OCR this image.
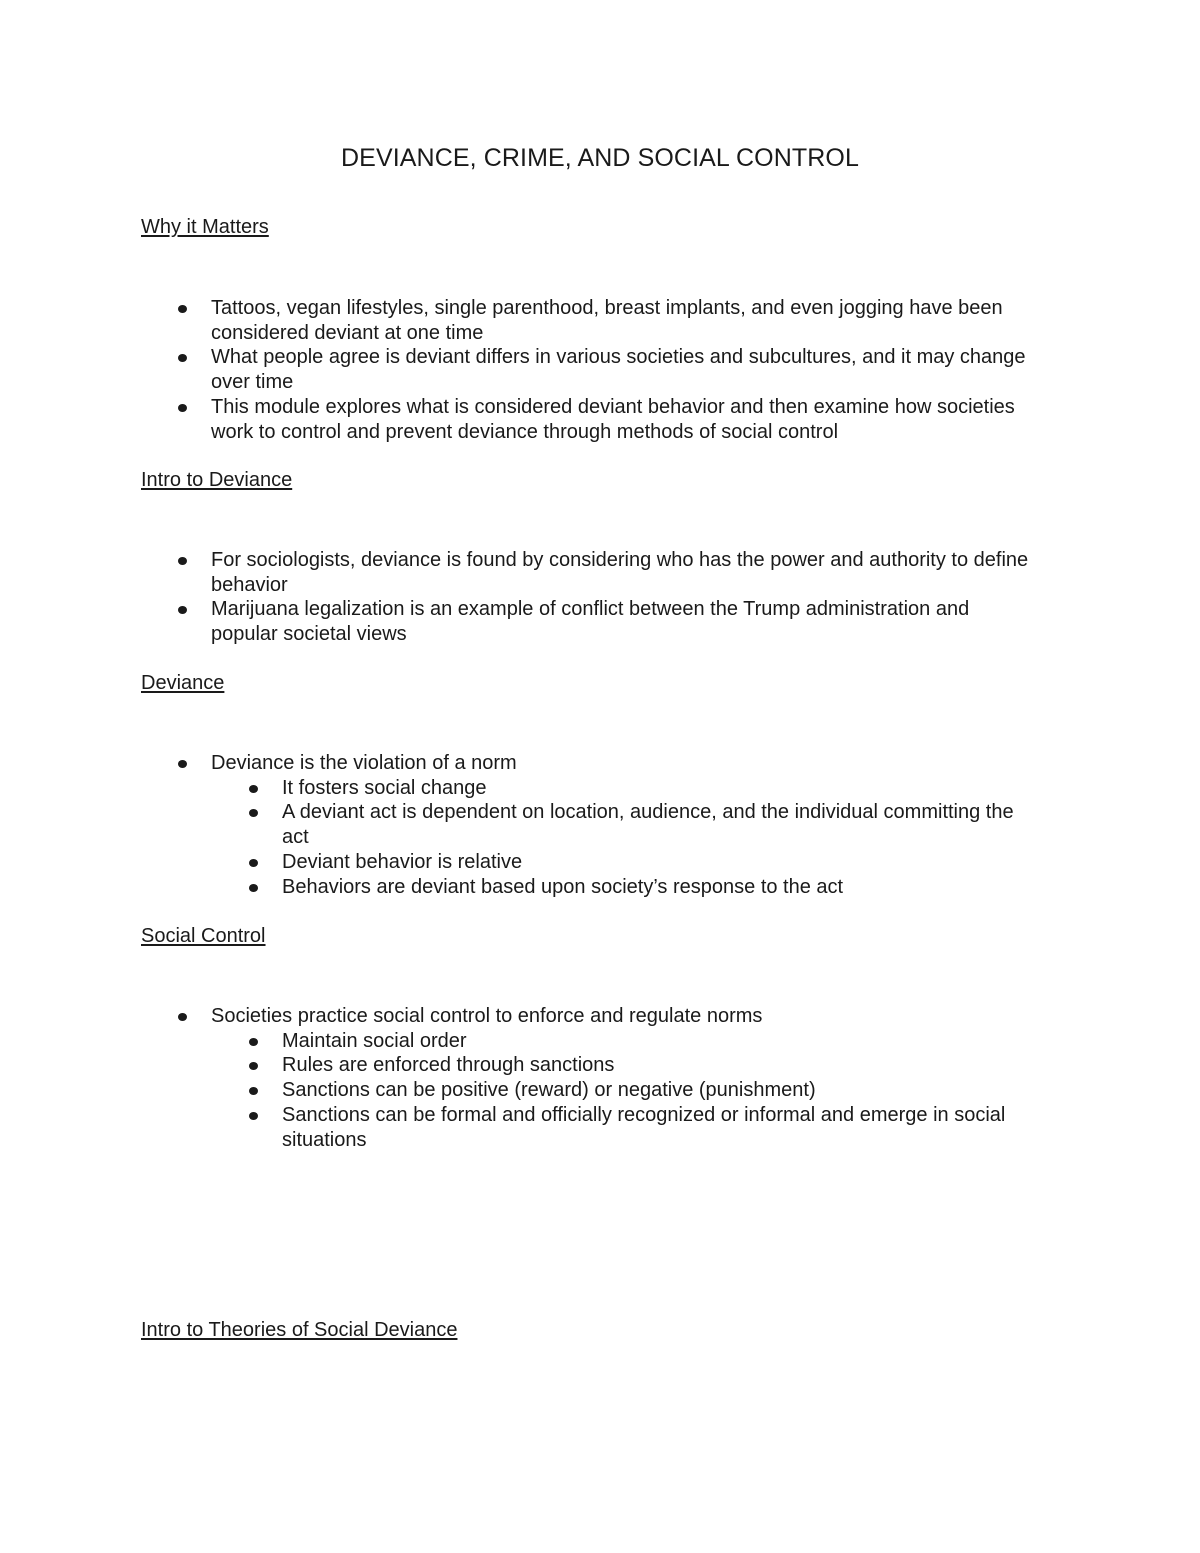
DEVIANCE, CRIME, AND SOCIAL CONTROL
Why it Matters
Tattoos, vegan lifestyles, single parenthood, breast implants, and even jogging have been considered deviant at one time
What people agree is deviant differs in various societies and subcultures, and it may change over time
This module explores what is considered deviant behavior and then examine how societies work to control and prevent deviance through methods of social control
Intro to Deviance
For sociologists, deviance is found by considering who has the power and authority to define behavior
Marijuana legalization is an example of conflict between the Trump administration and popular societal views
Deviance
Deviance is the violation of a norm
It fosters social change
A deviant act is dependent on location, audience, and the individual committing the act
Deviant behavior is relative
Behaviors are deviant based upon society’s response to the act
Social Control
Societies practice social control to enforce and regulate norms
Maintain social order
Rules are enforced through sanctions
Sanctions can be positive (reward) or negative (punishment)
Sanctions can be formal and officially recognized or informal and emerge in social situations
Intro to Theories of Social Deviance
